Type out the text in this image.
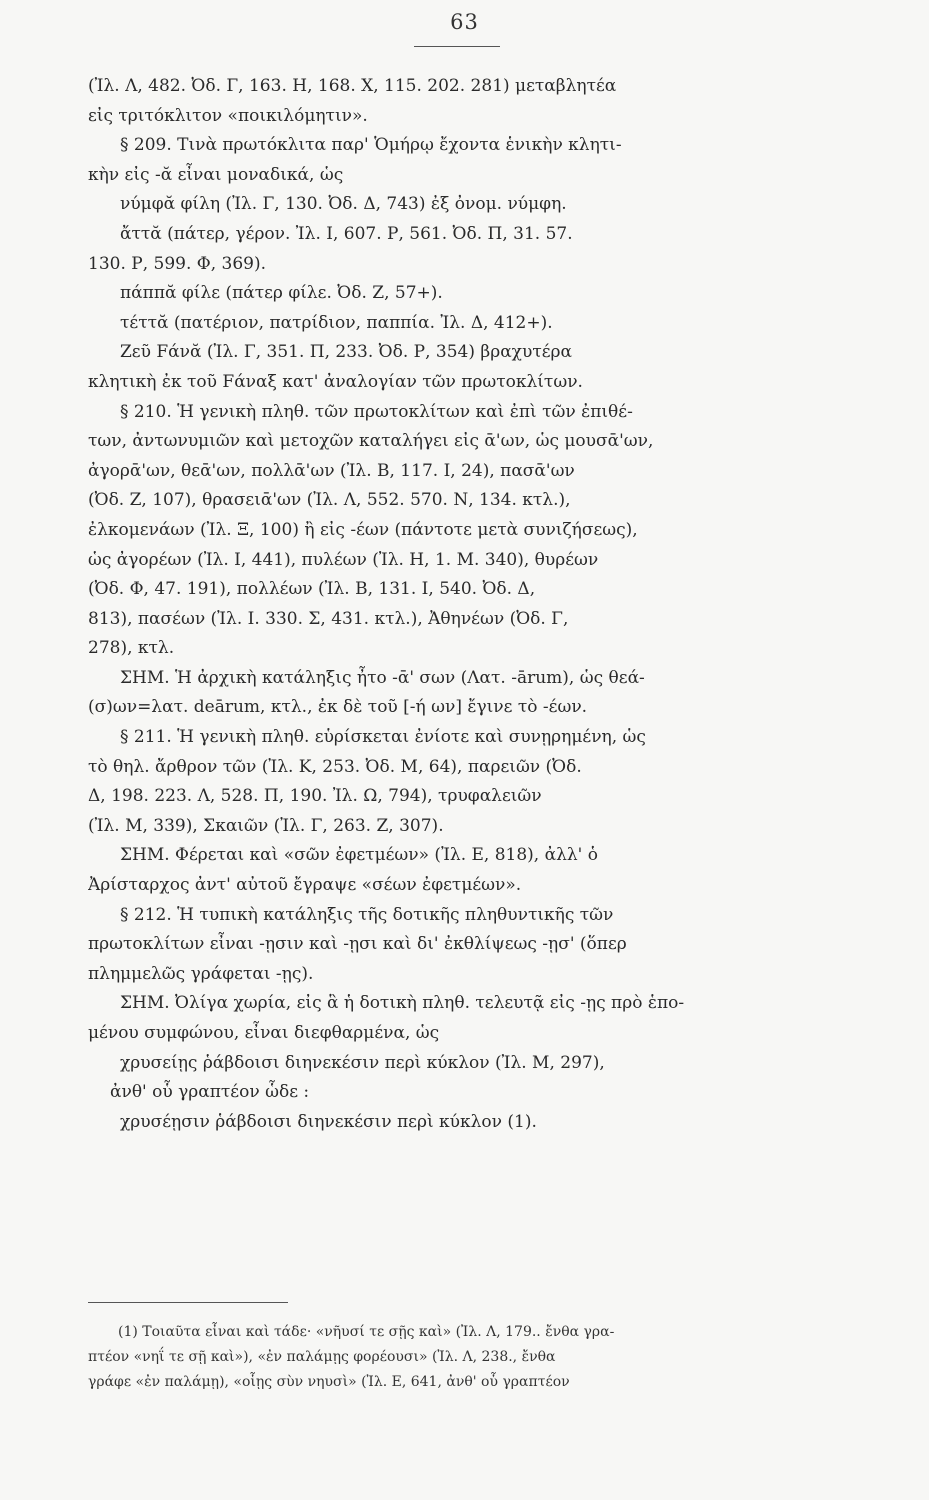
63
(Ἰλ. Λ, 482. Ὀδ. Γ, 163. Η, 168. Χ, 115. 202. 281) μεταβλητέα
εἰς τριτόκλιτον «ποικιλόμητιν».
§ 209. Τινὰ πρωτόκλιτα παρ' Ὁμήρῳ ἔχοντα ἑνικὴν κλητι-
κὴν εἰς -ᾰ εἶναι μοναδικά, ὡς
νύμφᾰ φίλη (Ἰλ. Γ, 130. Ὀδ. Δ, 743) ἐξ ὀνομ. νύμφη.
ἄττᾰ (πάτερ, γέρον. Ἰλ. Ι, 607. Ρ, 561. Ὀδ. Π, 31. 57.
130. Ρ, 599. Φ, 369).
πάππᾰ φίλε (πάτερ φίλε. Ὀδ. Ζ, 57+).
τέττᾰ (πατέριον, πατρίδιον, παππία. Ἰλ. Δ, 412+).
Ζεῦ Fάνᾰ (Ἰλ. Γ, 351. Π, 233. Ὀδ. Ρ, 354) βραχυτέρα
κλητικὴ ἐκ τοῦ Fάναξ κατ' ἀναλογίαν τῶν πρωτοκλίτων.
§ 210. Ἡ γενικὴ πληθ. τῶν πρωτοκλίτων καὶ ἐπὶ τῶν ἐπιθέ-
των, ἀντωνυμιῶν καὶ μετοχῶν καταλήγει εἰς ᾱ'ων, ὡς μουσᾱ'ων,
ἀγορᾱ'ων, θεᾱ'ων, πολλᾱ'ων (Ἰλ. Β, 117. Ι, 24), πασᾱ'ων
(Ὀδ. Ζ, 107), θρασειᾱ'ων (Ἰλ. Λ, 552. 570. Ν, 134. κτλ.),
ἐλκομενάων (Ἰλ. Ξ, 100) ἢ εἰς -έων (πάντοτε μετὰ συνιζήσεως),
ὡς ἀγορέων (Ἰλ. Ι, 441), πυλέων (Ἰλ. Η, 1. Μ. 340), θυρέων
(Ὀδ. Φ, 47. 191), πολλέων (Ἰλ. Β, 131. Ι, 540. Ὀδ. Δ,
813), πασέων (Ἰλ. Ι. 330. Σ, 431. κτλ.), Ἀθηνέων (Ὀδ. Γ,
278), κτλ.
ΣΗΜ. Ἡ ἀρχικὴ κατάληξις ἦτο -ᾱ' σων (Λατ. -ārum), ὡς θεά-
(σ)ων=λατ. deārum, κτλ., ἐκ δὲ τοῦ [-ή ων] ἔγινε τὸ -έων.
§ 211. Ἡ γενικὴ πληθ. εὑρίσκεται ἐνίοτε καὶ συνῃρημένη, ὡς
τὸ θηλ. ἄρθρον τῶν (Ἰλ. Κ, 253. Ὀδ. Μ, 64), παρειῶν (Ὀδ.
Δ, 198. 223. Λ, 528. Π, 190. Ἰλ. Ω, 794), τρυφαλειῶν
(Ἰλ. Μ, 339), Σκαιῶν (Ἰλ. Γ, 263. Ζ, 307).
ΣΗΜ. Φέρεται καὶ «σῶν ἐφετμέων» (Ἰλ. Ε, 818), ἀλλ' ὁ
Ἀρίσταρχος ἀντ' αὐτοῦ ἔγραψε «σέων ἐφετμέων».
§ 212. Ἡ τυπικὴ κατάληξις τῆς δοτικῆς πληθυντικῆς τῶν
πρωτοκλίτων εἶναι -ῃσιν καὶ -ῃσι καὶ δι' ἐκθλίψεως -ῃσ' (ὅπερ
πλημμελῶς γράφεται -ῃς).
ΣΗΜ. Ὀλίγα χωρία, εἰς ἃ ἡ δοτικὴ πληθ. τελευτᾷ εἰς -ῃς πρὸ ἑπο-
μένου συμφώνου, εἶναι διεφθαρμένα, ὡς
χρυσείῃς ῥάβδοισι διηνεκέσιν περὶ κύκλον (Ἰλ. Μ, 297),
ἀνθ' οὗ γραπτέον ὧδε :
χρυσέῃσιν ῥάβδοισι διηνεκέσιν περὶ κύκλον (1).
(1) Τοιαῦτα εἶναι καὶ τάδε· «νῆυσί τε σῇς καὶ» (Ἰλ. Λ, 179.. ἔνθα γρα-
πτέον «νηΐ τε σῇ καὶ»), «ἐν παλάμῃς φορέουσι» (Ἰλ. Λ, 238., ἔνθα
γράφε «ἐν παλάμῃ), «οἷῃς σὺν νηυσὶ» (Ἰλ. Ε, 641, ἀνθ' οὗ γραπτέον
